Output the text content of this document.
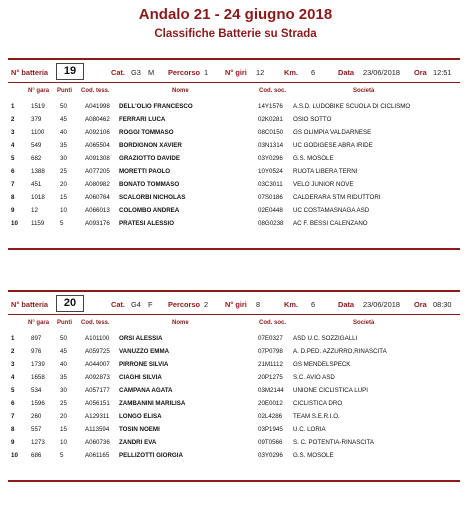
Andalo 21 - 24 giugno 2018
Classifiche Batterie su Strada
N° batteria	19	Cat. G3 M Percorso 1 N° giri 12	Km. 6	Data 23/06/2018 Ora 12:51
N° gara Punti Cod. tess.	Nome	Cod. soc.	Società
1	1519 50	A041998 DELL'OLIO FRANCESCO	14Y1576 A.S.D. LUDOBIKE SCUOLA DI CICLISMO
2	379	45	A080462 FERRARI LUCA	02K0281 OSIO SOTTO
3	1100	40	A092106 ROGGI TOMMASO	08C0150 GS OLIMPIA VALDARNESE
4	549	35	A065504 BORDIGNON XAVIER	03N1314 UC GODIGESE ABRA IRIDE
5	682	30	A091308 GRAZIOTTO DAVIDE	03Y0296 G.S. MOSOLE
6	1388 25	A077205 MORETTI PAOLO	10Y0524 RUOTA LIBERA TERNI
7	451	20	A080982 BONATO TOMMASO	03C3011 VELO JUNIOR NOVE
8	1018 15	A060764 SCALORBI NICHOLAS	07S0186 CALDERARA STM RIDUTTORI
9	12	10	A066013 COLOMBO ANDREA	02E0448 UC COSTAMASNAGA ASD
10 1159	5	A093176 PRATESI ALESSIO	08G0238 AC F. BESSI CALENZANO
N° batteria	20	Cat. G4 F Percorso 2 N° giri 8	Km. 6	Data 23/06/2018 Ora 08:30
N° gara Punti Cod. tess.	Nome	Cod. soc.	Società
1	897	50	A101100 ORSI ALESSIA	07E0327 ASD U.C. SOZZIGALLI
2	976	45	A059725 VANUZZO EMMA	07P0798 A. D.PED. AZZURRO,RINASCITA
3	1739 40	A044007 PIRRONE SILVIA	21M1112 GS MENDELSPECK
4	1658 35	A092873 CIAGHI SILVIA	20P1275 S.C. AVIO ASD
5	534	30	A057177 CAMPANA AGATA	03M2144 UNIONE CICLISTICA LUPI
6	1596 25	A056151 ZAMBANINI MARILISA	20E0012 CICLISTICA DRO
7	260	20	A129311 LONGO ELISA	02L4286 TEAM S.E.R.I.O.
8	557	15	A113594 TOSIN NOEMI	03P1945 U.C. LORIA
9	1273 10	A060736 ZANDRI EVA	09T0566 S. C. POTENTIA-RINASCITA
10 686	5	A061165 PELLIZOTTI GIORGIA	03Y0296 G.S. MOSOLE
